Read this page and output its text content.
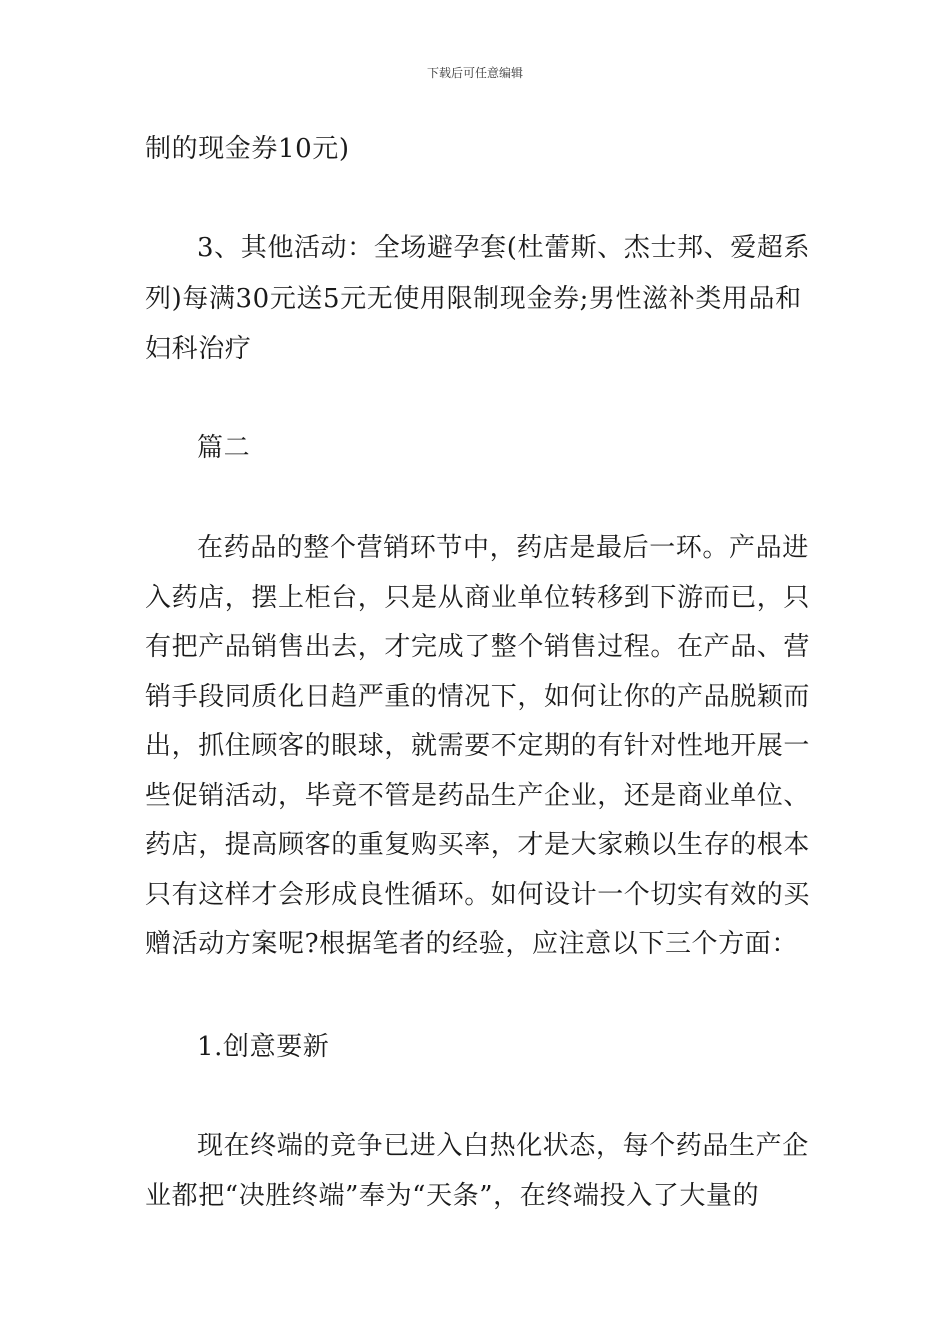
下载后可任意编辑
制的现金券10元)
3、其他活动：全场避孕套(杜蕾斯、杰士邦、爱超系
列)每满30元送5元无使用限制现金券;男性滋补类用品和
妇科治疗
篇二
在药品的整个营销环节中，药店是最后一环。产品进
入药店，摆上柜台，只是从商业单位转移到下游而已，只
有把产品销售出去，才完成了整个销售过程。在产品、营
销手段同质化日趋严重的情况下，如何让你的产品脱颖而
出，抓住顾客的眼球，就需要不定期的有针对性地开展一
些促销活动，毕竟不管是药品生产企业，还是商业单位、
药店，提高顾客的重复购买率，才是大家赖以生存的根本
只有这样才会形成良性循环。如何设计一个切实有效的买
赠活动方案呢?根据笔者的经验，应注意以下三个方面：
1.创意要新
现在终端的竞争已进入白热化状态，每个药品生产企
业都把“决胜终端”奉为“天条”，在终端投入了大量的
